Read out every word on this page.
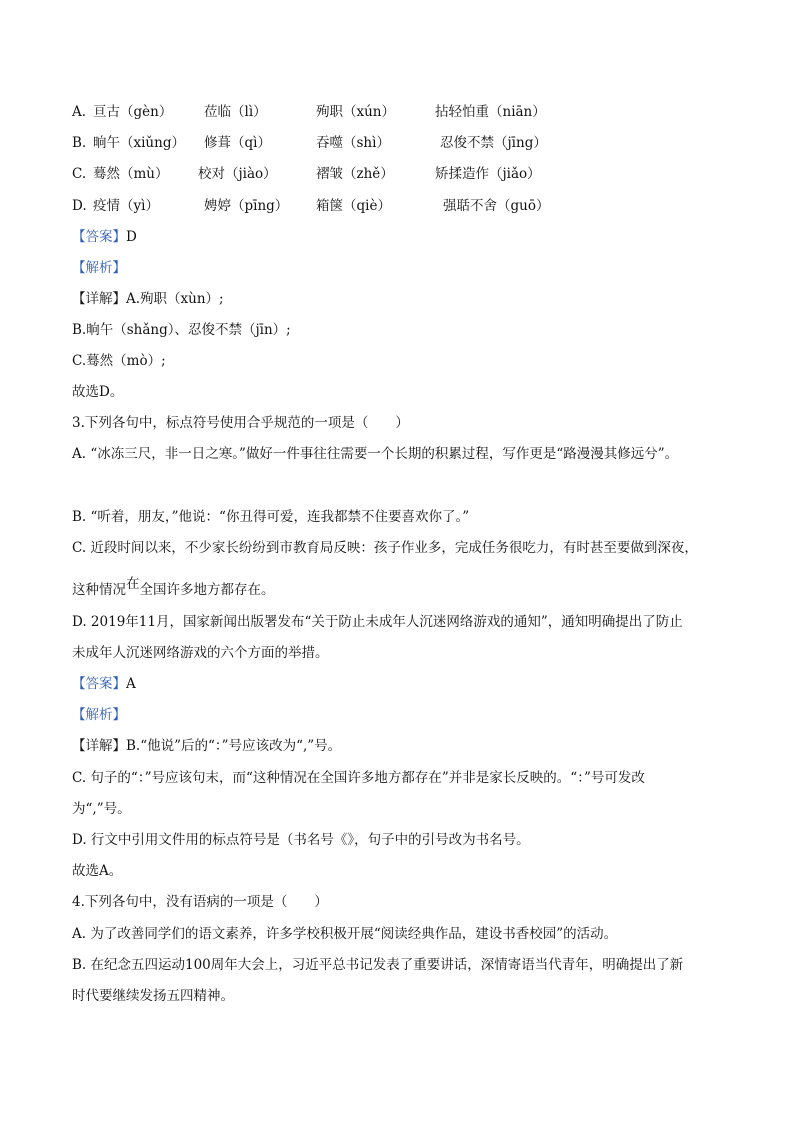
A. 亘古（gèn） 莅临（lì）	殉职（xún）	拈轻怕重（niān）
B. 晌午（xiǔng） 修葺（qì）	吞噬（shì）	忍俊不禁（jīng）
C. 蓦然（mù） 校对（jiào）	褶皱（zhě）	矫揉造作（jiǎo）
D. 疫情（yì）	娉婷（pīng） 箱箧（qiè）	强聒不舍（guō）
【答案】D
【解析】
【详解】A.殉职（xùn）;
B.晌午（shǎng）、忍俊不禁（jīn）;
C.蓦然（mò）;
故选D。
3.下列各句中，标点符号使用合乎规范的一项是（　　）
A. “冰冻三尺，非一日之寒。”做好一件事往往需要一个长期的积累过程，写作更是“路漫漫其修远兮”。
B. “听着，朋友，”他说：“你丑得可爱，连我都禁不住要喜欢你了。”
C. 近段时间以来，不少家长纷纷到市教育局反映：孩子作业多，完成任务很吃力，有时甚至要做到深夜，
这种情况在全国许多地方都存在。
D. 2019年11月，国家新闻出版署发布“关于防止未成年人沉迷网络游戏的通知”，通知明确提出了防止
未成年人沉迷网络游戏的六个方面的举措。
【答案】A
【解析】
【详解】B.“他说”后的“：”号应该改为“,”号。
C. 句子的“：”号应该句末，而“这种情况在全国许多地方都存在”并非是家长反映的。“：”号可发改
为“,”号。
D. 行文中引用文件用的标点符号是（书名号《》，句子中的引号改为书名号。
故选A。
4.下列各句中，没有语病的一项是（　　）
A. 为了改善同学们的语文素养，许多学校积极开展“阅读经典作品，建设书香校园”的活动。
B. 在纪念五四运动100周年大会上，习近平总书记发表了重要讲话，深情寄语当代青年，明确提出了新
时代要继续发扬五四精神。
